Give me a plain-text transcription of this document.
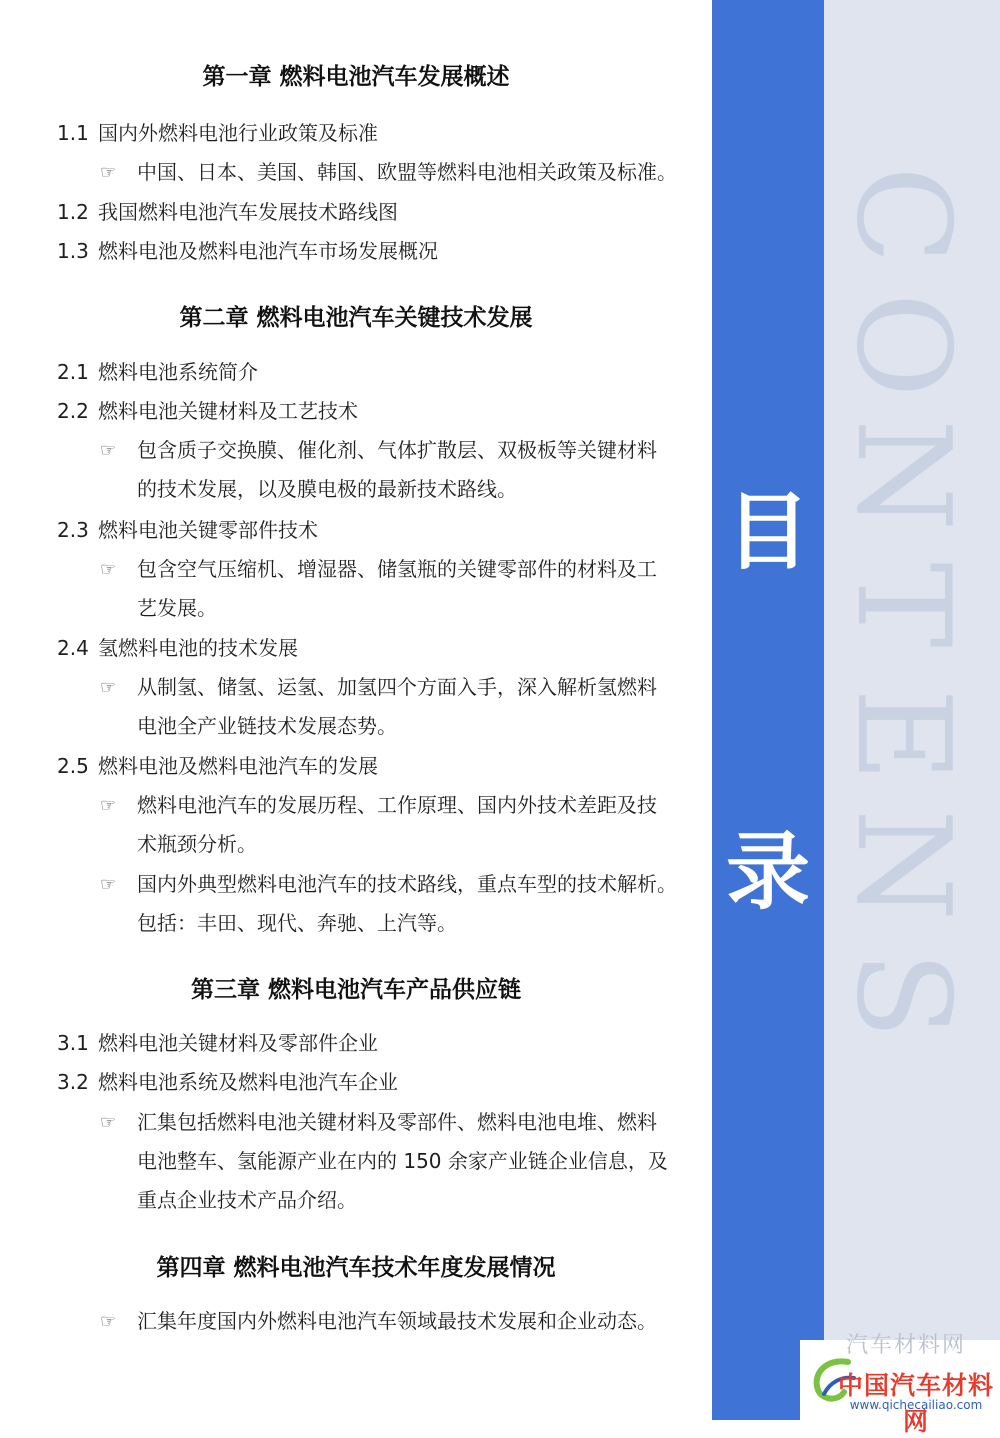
第一章 燃料电池汽车发展概述
1.1 国内外燃料电池行业政策及标准
☞	中国、日本、美国、韩国、欧盟等燃料电池相关政策及标准。
1.2 我国燃料电池汽车发展技术路线图
1.3 燃料电池及燃料电池汽车市场发展概况
第二章 燃料电池汽车关键技术发展
2.1 燃料电池系统简介
2.2 燃料电池关键材料及工艺技术
☞	包含质子交换膜、催化剂、气体扩散层、双极板等关键材料
的技术发展，以及膜电极的最新技术路线。
2.3 燃料电池关键零部件技术
☞	包含空气压缩机、增湿器、储氢瓶的关键零部件的材料及工
艺发展。
2.4 氢燃料电池的技术发展
☞	从制氢、储氢、运氢、加氢四个方面入手，深入解析氢燃料
电池全产业链技术发展态势。
2.5 燃料电池及燃料电池汽车的发展
☞	燃料电池汽车的发展历程、工作原理、国内外技术差距及技
术瓶颈分析。
☞	国内外典型燃料电池汽车的技术路线，重点车型的技术解析。
包括：丰田、现代、奔驰、上汽等。
第三章 燃料电池汽车产品供应链
3.1 燃料电池关键材料及零部件企业
3.2 燃料电池系统及燃料电池汽车企业
☞	汇集包括燃料电池关键材料及零部件、燃料电池电堆、燃料
电池整车、氢能源产业在内的 150 余家产业链企业信息，及
重点企业技术产品介绍。
第四章 燃料电池汽车技术年度发展情况
☞	汇集年度国内外燃料电池汽车领域最技术发展和企业动态。
目
录
C
O
N
T
E
N
S
汽车材料网
中国汽车材料网
www.qichecailiao.com
